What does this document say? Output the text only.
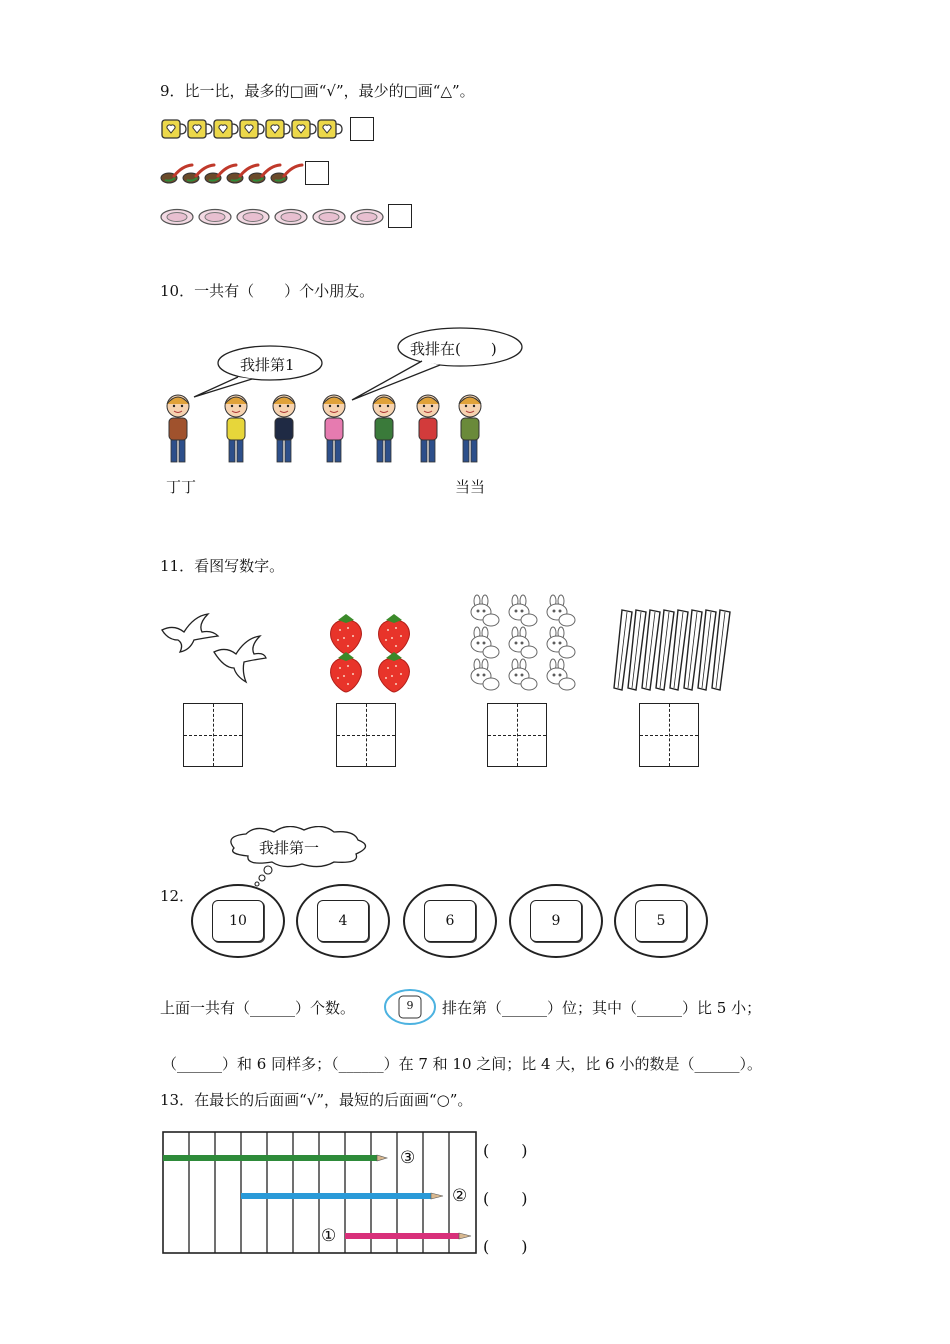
9．比一比，最多的□画“√”，最少的□画“△”。
10．一共有（　　）个小朋友。
我排第1
我排在(　　)
丁丁	当当
11．看图写数字。
我排第一
12．
10	4	6	9	5
上面一共有（______）个数。	9	排在第（______）位；其中（______）比 5 小；
（______）和 6 同样多；（______）在 7 和 10 之间；比 4 大，比 6 小的数是（______）。
13．在最长的后面画“√”，最短的后面画“○”。
③
②
①
(　　)
(　　)
(　　)
